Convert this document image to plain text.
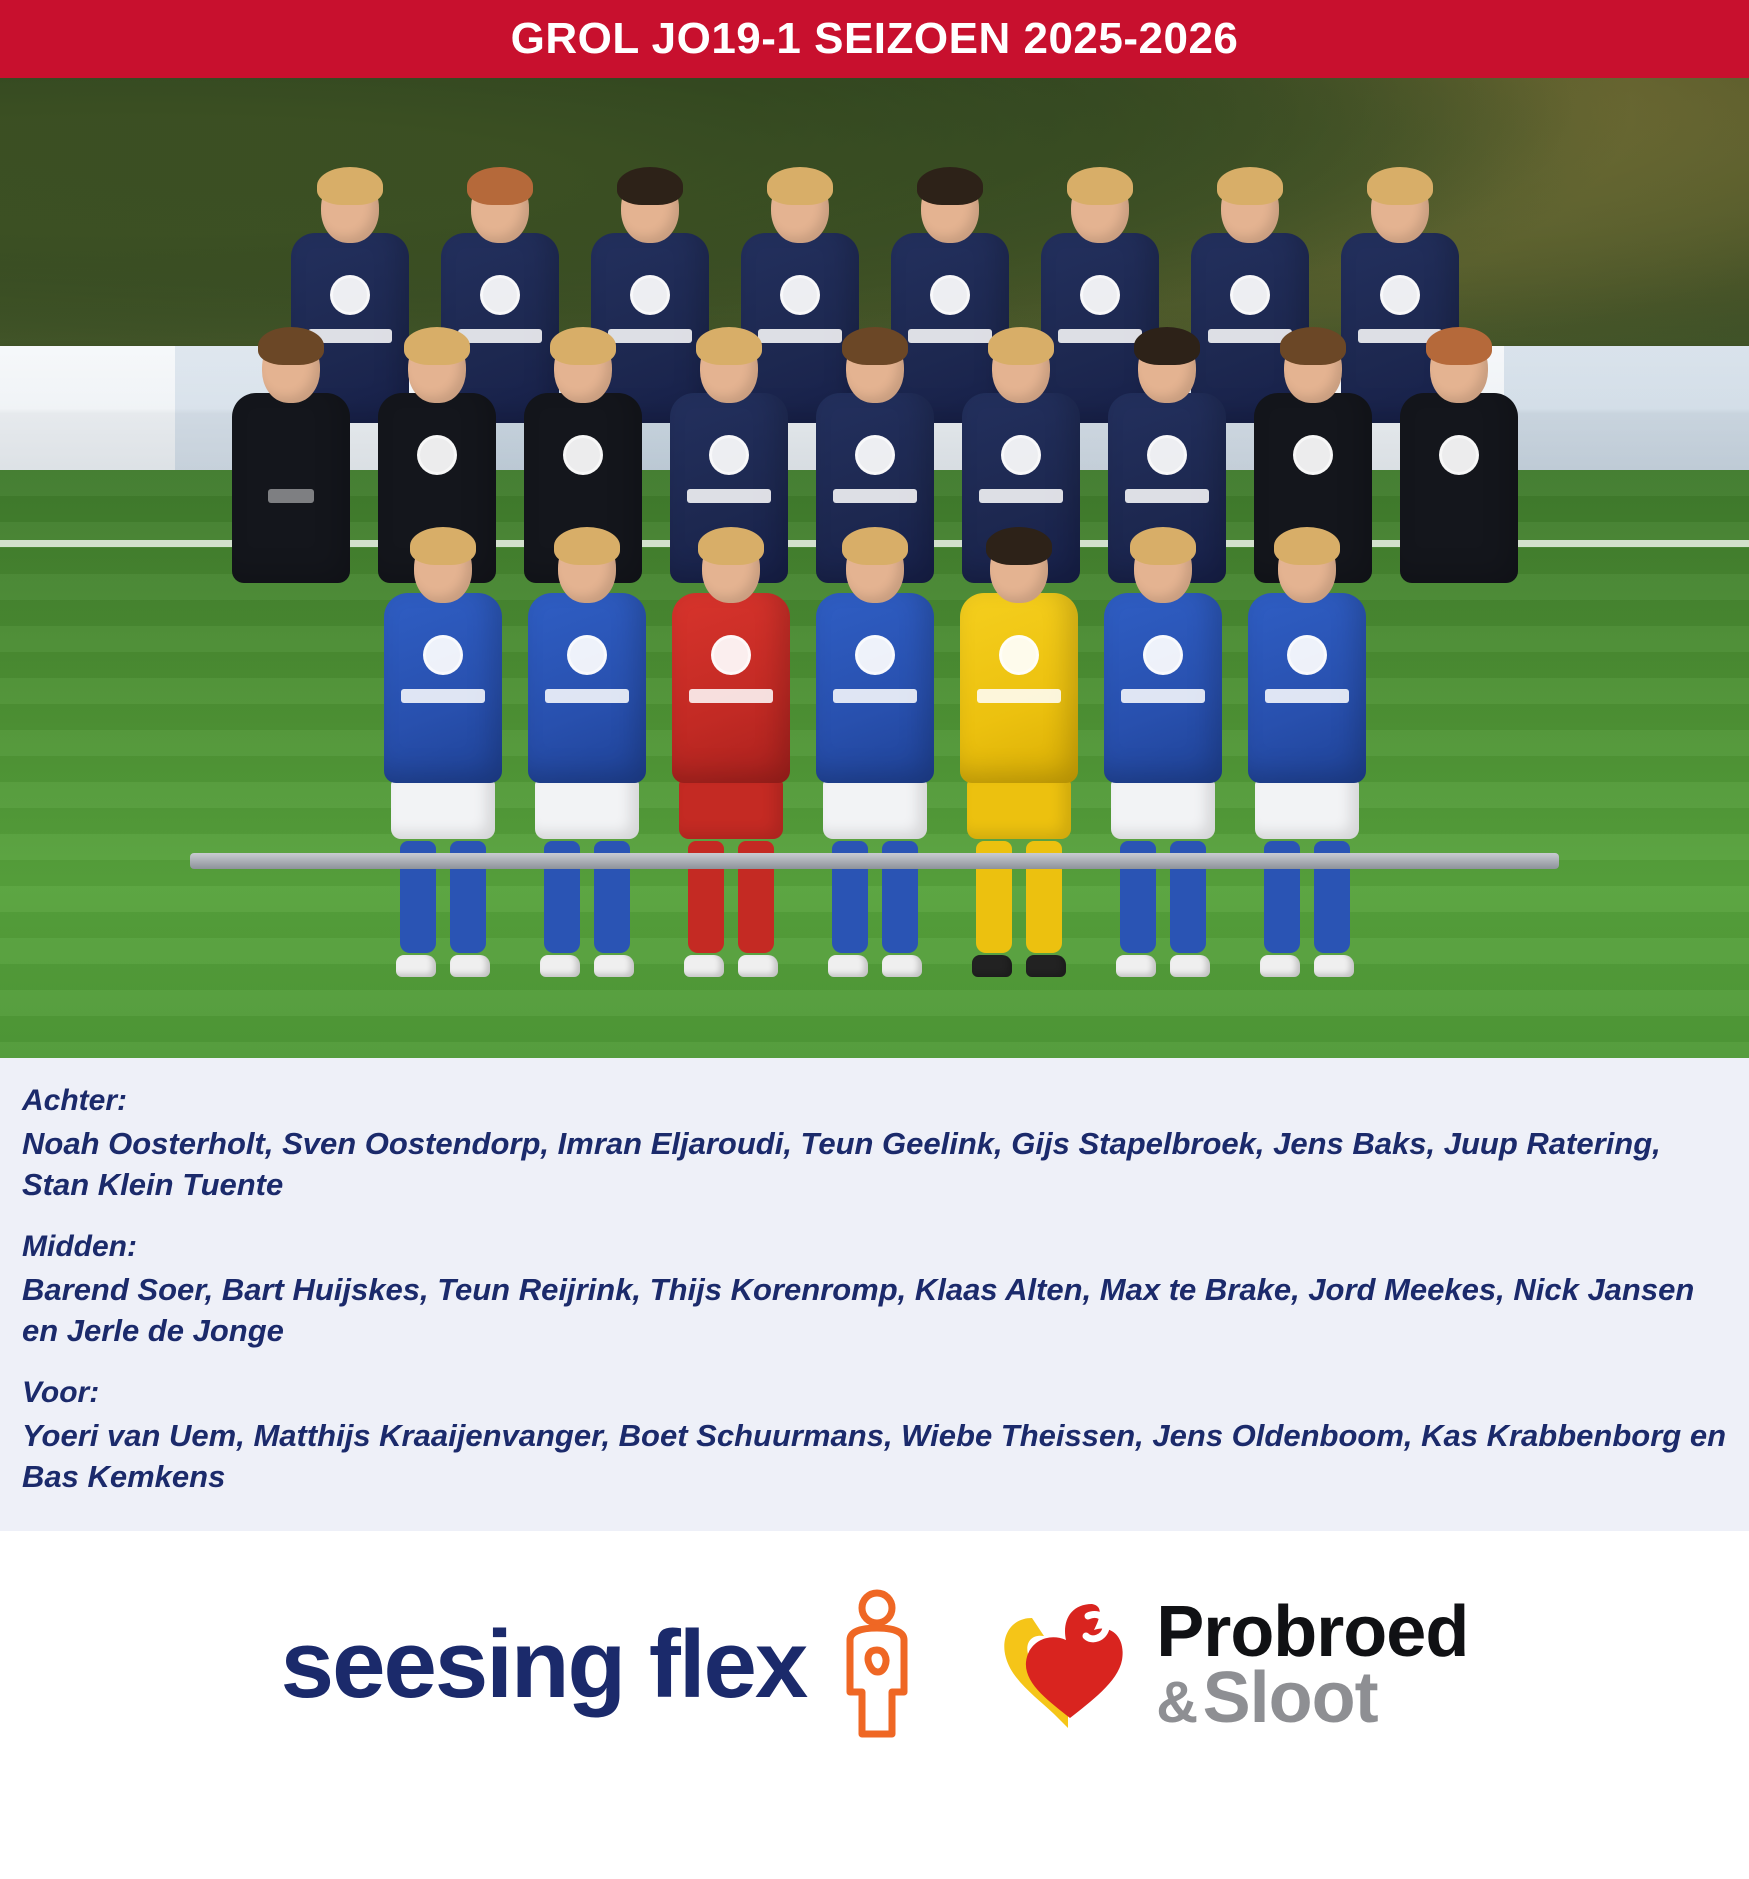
GROL JO19-1 SEIZOEN 2025-2026
Achter:
Noah Oosterholt, Sven Oostendorp, Imran Eljaroudi, Teun Geelink, Gijs Stapelbroek, Jens Baks, Juup Ratering, Stan Klein Tuente
Midden:
Barend Soer, Bart Huijskes, Teun Reijrink, Thijs Korenromp, Klaas Alten, Max te Brake, Jord Meekes, Nick Jansen en Jerle de Jonge
Voor:
Yoeri van Uem, Matthijs Kraaijenvanger, Boet Schuurmans, Wiebe Theissen, Jens Oldenboom, Kas Krabbenborg en Bas Kemkens
seesing flex	Probroed
& Sloot
